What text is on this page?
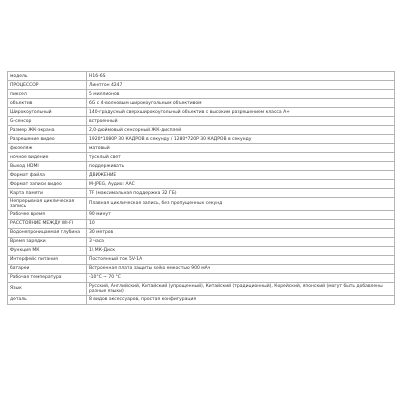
модель	H16-6S
ПРОЦЕССОР	Линптон 4247
пиксел	5 миллионов
объектив	6G с 4-волновым широкоугольным объективом
Широкоугольный	140-градусный сверхширокоугольный объектив с высоким разрешением класса A+
G-сенсор	встроенный
Размер ЖК-экрана	2,0-дюймовый сенсорный ЖК-дисплей
Разрешение видео	1920*1080P 30 КАДРОВ в секунду / 1280*720P 30 КАДРОВ в секунду
фюзеляж	матовый
ночное видение	тусклый свет
Выход HDMI	поддерживать
Формат файла	ДВИЖЕНИЕ
Формат записи видео	M-JPEG, Аудио: AAC
Карта памяти	TF (максимальная поддержка 32 ГБ)
Непрерывная циклическая запись	Плавная циклическая запись, без пропущенных секунд
Рабочее время	90 минут
РАССТОЯНИЕ МЕЖДУ WI-FI	10
Водонепроницаемая глубина	30 метров
Время зарядки	3 часа
Функция МК	1\ МК-Диск
Интерфейс питания	Постоянный ток 5V-1A
батареи	Встроенная плата защиты seiko емкостью 900 мАч
Рабочая температура	-10°C ~ 70 °C
Язык	Русский, Английский, Китайский (упрощенный), Китайский (традиционный), Корейский, японский (могут быть добавлены разные языки)
деталь	8 видов аксессуаров, простая конфигурация
